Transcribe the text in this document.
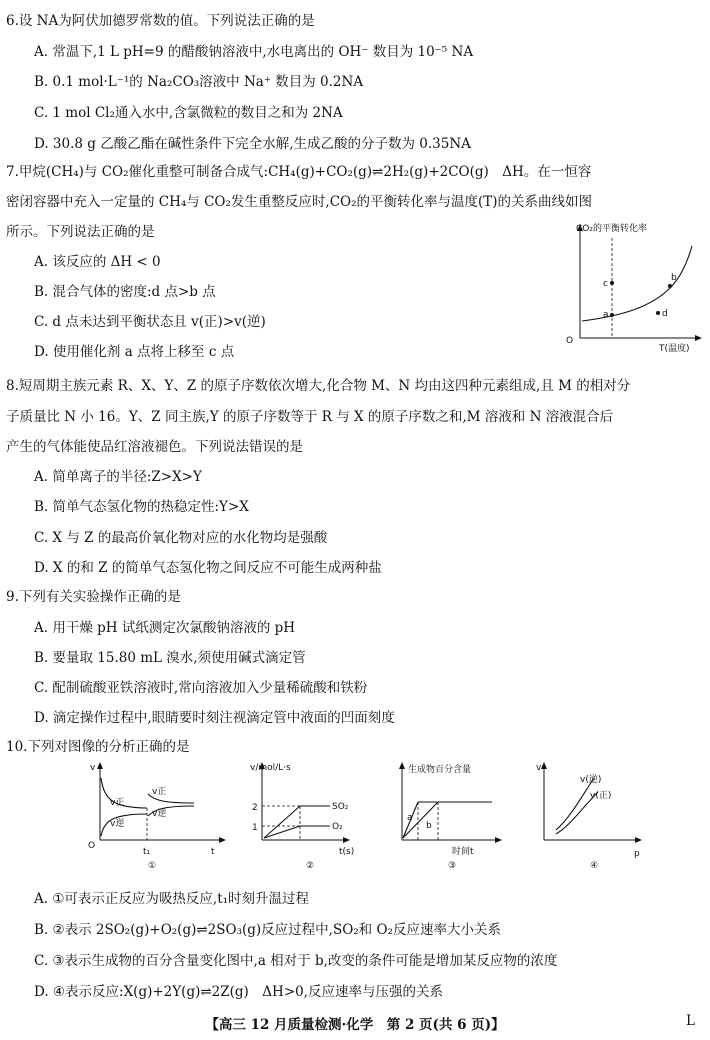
6.设 NA为阿伏加德罗常数的值。下列说法正确的是
A. 常温下,1 L pH=9 的醋酸钠溶液中,水电离出的 OH⁻ 数目为 10⁻⁵ NA
B. 0.1 mol·L⁻¹的 Na₂CO₃溶液中 Na⁺ 数目为 0.2NA
C. 1 mol Cl₂通入水中,含氯微粒的数目之和为 2NA
D. 30.8 g 乙酸乙酯在碱性条件下完全水解,生成乙酸的分子数为 0.35NA
7.甲烷(CH₄)与 CO₂催化重整可制备合成气:CH₄(g)+CO₂(g)⇌2H₂(g)+2CO(g)　ΔH。在一恒容
密闭容器中充入一定量的 CH₄与 CO₂发生重整反应时,CO₂的平衡转化率与温度(T)的关系曲线如图
所示。下列说法正确的是
A. 该反应的 ΔH < 0
B. 混合气体的密度:d 点>b 点
C. d 点未达到平衡状态且 v(正)>v(逆)
D. 使用催化剂 a 点将上移至 c 点
CO₂的平衡转化率
O
T(温度)
a
b
c
d
8.短周期主族元素 R、X、Y、Z 的原子序数依次增大,化合物 M、N 均由这四种元素组成,且 M 的相对分
子质量比 N 小 16。Y、Z 同主族,Y 的原子序数等于 R 与 X 的原子序数之和,M 溶液和 N 溶液混合后
产生的气体能使品红溶液褪色。下列说法错误的是
A. 简单离子的半径:Z>X>Y
B. 简单气态氢化物的热稳定性:Y>X
C. X 与 Z 的最高价氧化物对应的水化物均是强酸
D. X 的和 Z 的简单气态氢化物之间反应不可能生成两种盐
9.下列有关实验操作正确的是
A. 用干燥 pH 试纸测定次氯酸钠溶液的 pH
B. 要量取 15.80 mL 溴水,须使用碱式滴定管
C. 配制硫酸亚铁溶液时,常向溶液加入少量稀硫酸和铁粉
D. 滴定操作过程中,眼睛要时刻注视滴定管中液面的凹面刻度
10.下列对图像的分析正确的是
v
O
t
v正
v逆
v正
v逆
t₁
①
v/mol/L·s
t(s)
2
1
SO₂
O₂
②
生成物百分含量
时间t
a
b
③
v
p
v(逆)
v(正)
④
A. ①可表示正反应为吸热反应,t₁时刻升温过程
B. ②表示 2SO₂(g)+O₂(g)⇌2SO₃(g)反应过程中,SO₂和 O₂反应速率大小关系
C. ③表示生成物的百分含量变化图中,a 相对于 b,改变的条件可能是增加某反应物的浓度
D. ④表示反应:X(g)+2Y(g)⇌2Z(g)　ΔH>0,反应速率与压强的关系
【高三 12 月质量检测·化学　第 2 页(共 6 页)】	L
